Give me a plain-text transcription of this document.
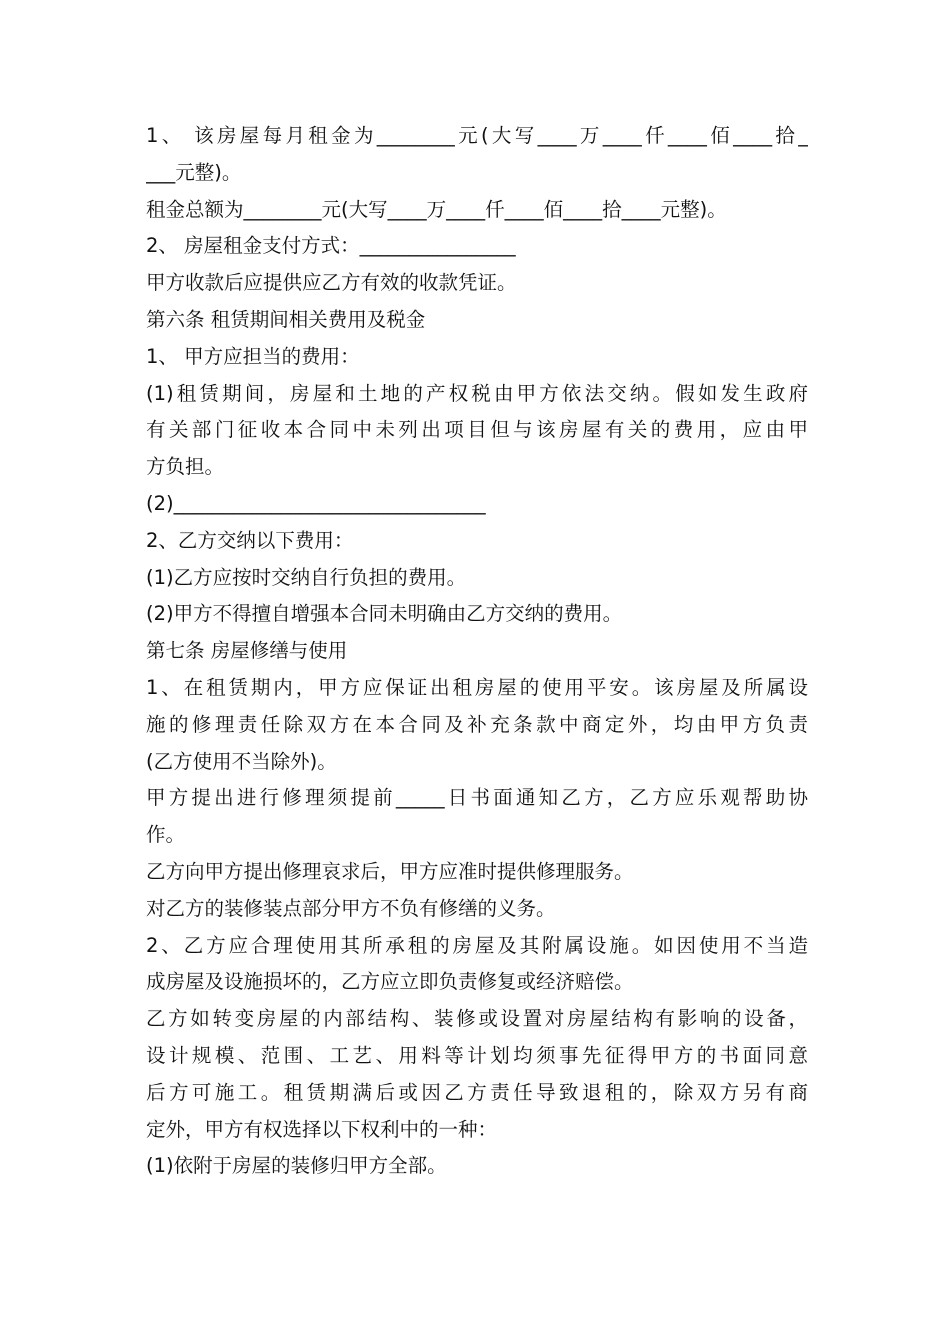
1、 该房屋每月租金为________元(大写____万____仟____佰____拾_
___元整)。
租金总额为________元(大写____万____仟____佰____拾____元整)。
2、 房屋租金支付方式：________________
甲方收款后应提供应乙方有效的收款凭证。
第六条 租赁期间相关费用及税金
1、 甲方应担当的费用：
(1)租赁期间，房屋和土地的产权税由甲方依法交纳。假如发生政府
有关部门征收本合同中未列出项目但与该房屋有关的费用，应由甲
方负担。
(2)________________________________
2、乙方交纳以下费用：
(1)乙方应按时交纳自行负担的费用。
(2)甲方不得擅自增强本合同未明确由乙方交纳的费用。
第七条 房屋修缮与使用
1、在租赁期内，甲方应保证出租房屋的使用平安。该房屋及所属设
施的修理责任除双方在本合同及补充条款中商定外，均由甲方负责
(乙方使用不当除外)。
甲方提出进行修理须提前_____日书面通知乙方，乙方应乐观帮助协
作。
乙方向甲方提出修理哀求后，甲方应准时提供修理服务。
对乙方的装修装点部分甲方不负有修缮的义务。
2、乙方应合理使用其所承租的房屋及其附属设施。如因使用不当造
成房屋及设施损坏的，乙方应立即负责修复或经济赔偿。
乙方如转变房屋的内部结构、装修或设置对房屋结构有影响的设备，
设计规模、范围、工艺、用料等计划均须事先征得甲方的书面同意
后方可施工。租赁期满后或因乙方责任导致退租的，除双方另有商
定外，甲方有权选择以下权利中的一种：
(1)依附于房屋的装修归甲方全部。
